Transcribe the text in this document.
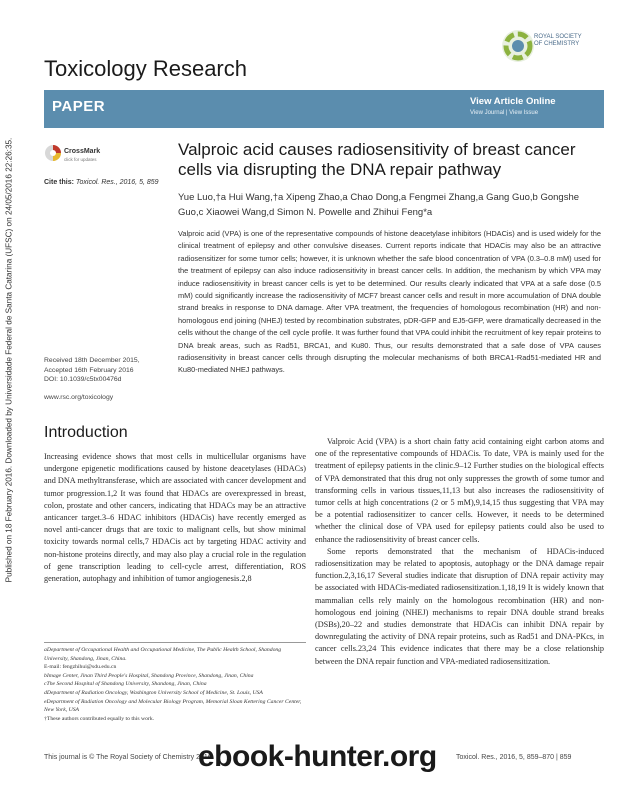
Published on 18 February 2016. Downloaded by Universidade Federal de Santa Catarina (UFSC) on 24/05/2016 22:26:35.
Toxicology Research
ROYAL SOCIETY OF CHEMISTRY
PAPER	View Article Online
View Journal | View Issue
CrossMark
click for updates
Cite this: Toxicol. Res., 2016, 5, 859
Valproic acid causes radiosensitivity of breast cancer cells via disrupting the DNA repair pathway
Yue Luo,†a Hui Wang,†a Xipeng Zhao,a Chao Dong,a Fengmei Zhang,a Gang Guo,b Gongshe Guo,c Xiaowei Wang,d Simon N. Powelle and Zhihui Feng*a
Valproic acid (VPA) is one of the representative compounds of histone deacetylase inhibitors (HDACis) and is used widely for the clinical treatment of epilepsy and other convulsive diseases. Current reports indicate that HDACis may also be an attractive radiosensitizer for some tumor cells; however, it is unknown whether the safe blood concentration of VPA (0.3–0.8 mM) used for the treatment of epilepsy can also induce radiosensitivity in breast cancer cells. In addition, the mechanism by which VPA may induce radiosensitivity in breast cancer cells is yet to be determined. Our results clearly indicated that VPA at a safe dose (0.5 mM) could significantly increase the radiosensitivity of MCF7 breast cancer cells and result in more accumulation of DNA double strand breaks in response to DNA damage. After VPA treatment, the frequencies of homologous recombination (HR) and non-homologous end joining (NHEJ) tested by recombination substrates, pDR-GFP and EJ5-GFP, were dramatically decreased in the cells without the change of the cell cycle profile. It was further found that VPA could inhibit the recruitment of key repair proteins to DNA break areas, such as Rad51, BRCA1, and Ku80. Thus, our results demonstrated that a safe dose of VPA causes radiosensitivity in breast cancer cells through disrupting the molecular mechanisms of both BRCA1-Rad51-mediated HR and Ku80-mediated NHEJ pathways.
Received 18th December 2015,
Accepted 16th February 2016
DOI: 10.1039/c5tx00476d
www.rsc.org/toxicology
Introduction

Increasing evidence shows that most cells in multicellular organisms have undergone epigenetic modifications caused by histone deacetylases (HDACs) and DNA methyltransferase, which are associated with cancer development and tumor progression.1,2 It was found that HDACs are overexpressed in breast, colon, prostate and other cancers, indicating that HDACs may be an attractive anticancer target.3–6 HDAC inhibitors (HDACis) have recently emerged as novel anti-cancer drugs that are toxic to malignant cells, but show minimal toxicity towards normal cells,7 HDACis act by targeting HDAC activity and non-histone proteins directly, and may also play a crucial role in the regulation of gene transcription leading to cell-cycle arrest, differentiation, ROS generation, autophagy and inhibition of tumor angiogenesis.2,8

Valproic Acid (VPA) is a short chain fatty acid containing eight carbon atoms and one of the representative compounds of HDACis. To date, VPA is mainly used for the treatment of epilepsy patients in the clinic.9–12 Further studies on the biological effects of VPA demonstrated that this drug not only suppresses the growth of some tumor and transforming cells in various tissues,11,13 but also increases the radiosensitivity of tumor cells at high concentrations (2 or 5 mM),9,14,15 thus suggesting that VPA may be a potential radiosensitizer to cancer cells. However, it needs to be determined whether the clinical dose of VPA used for epilepsy patients could also be used to enhance the radiosensitivity of breast cancer cells.

Some reports demonstrated that the mechanism of HDACis-induced radiosensitization may be related to apoptosis, autophagy or the DNA damage repair function.2,3,16,17 Several studies indicate that disruption of DNA repair activity may be associated with HDACis-mediated radiosensitization.1,18,19 It is widely known that mammalian cells rely mainly on the homologous recombination (HR) and non-homologous end joining (NHEJ) mechanisms to repair DNA double strand breaks (DSBs),20–22 and studies demonstrate that HDACis can inhibit DNA repair by downregulating the activity of DNA repair proteins, such as Rad51 and DNA-PKcs, in cancer cells.23,24 This evidence indicates that there may be a close relationship between the DNA repair function and VPA-mediated radiosensitization.

aDepartment of Occupational Health and Occupational Medicine, The Public Health School, Shandong University, Shandong, Jinan, China.
E-mail: fengzhihui@sdu.edu.cn
bImage Center, Jinan Third People's Hospital, Shandong Province, Shandong, Jinan, China
cThe Second Hospital of Shandong University, Shandong, Jinan, China
dDepartment of Radiation Oncology, Washington University School of Medicine, St. Louis, USA
eDepartment of Radiation Oncology and Molecular Biology Program, Memorial Sloan Kettering Cancer Center, New York, USA
†These authors contributed equally to this work.
This journal is © The Royal Society of Chemistry 2016	Toxicol. Res., 2016, 5, 859–870 | 859
ebook-hunter.org
